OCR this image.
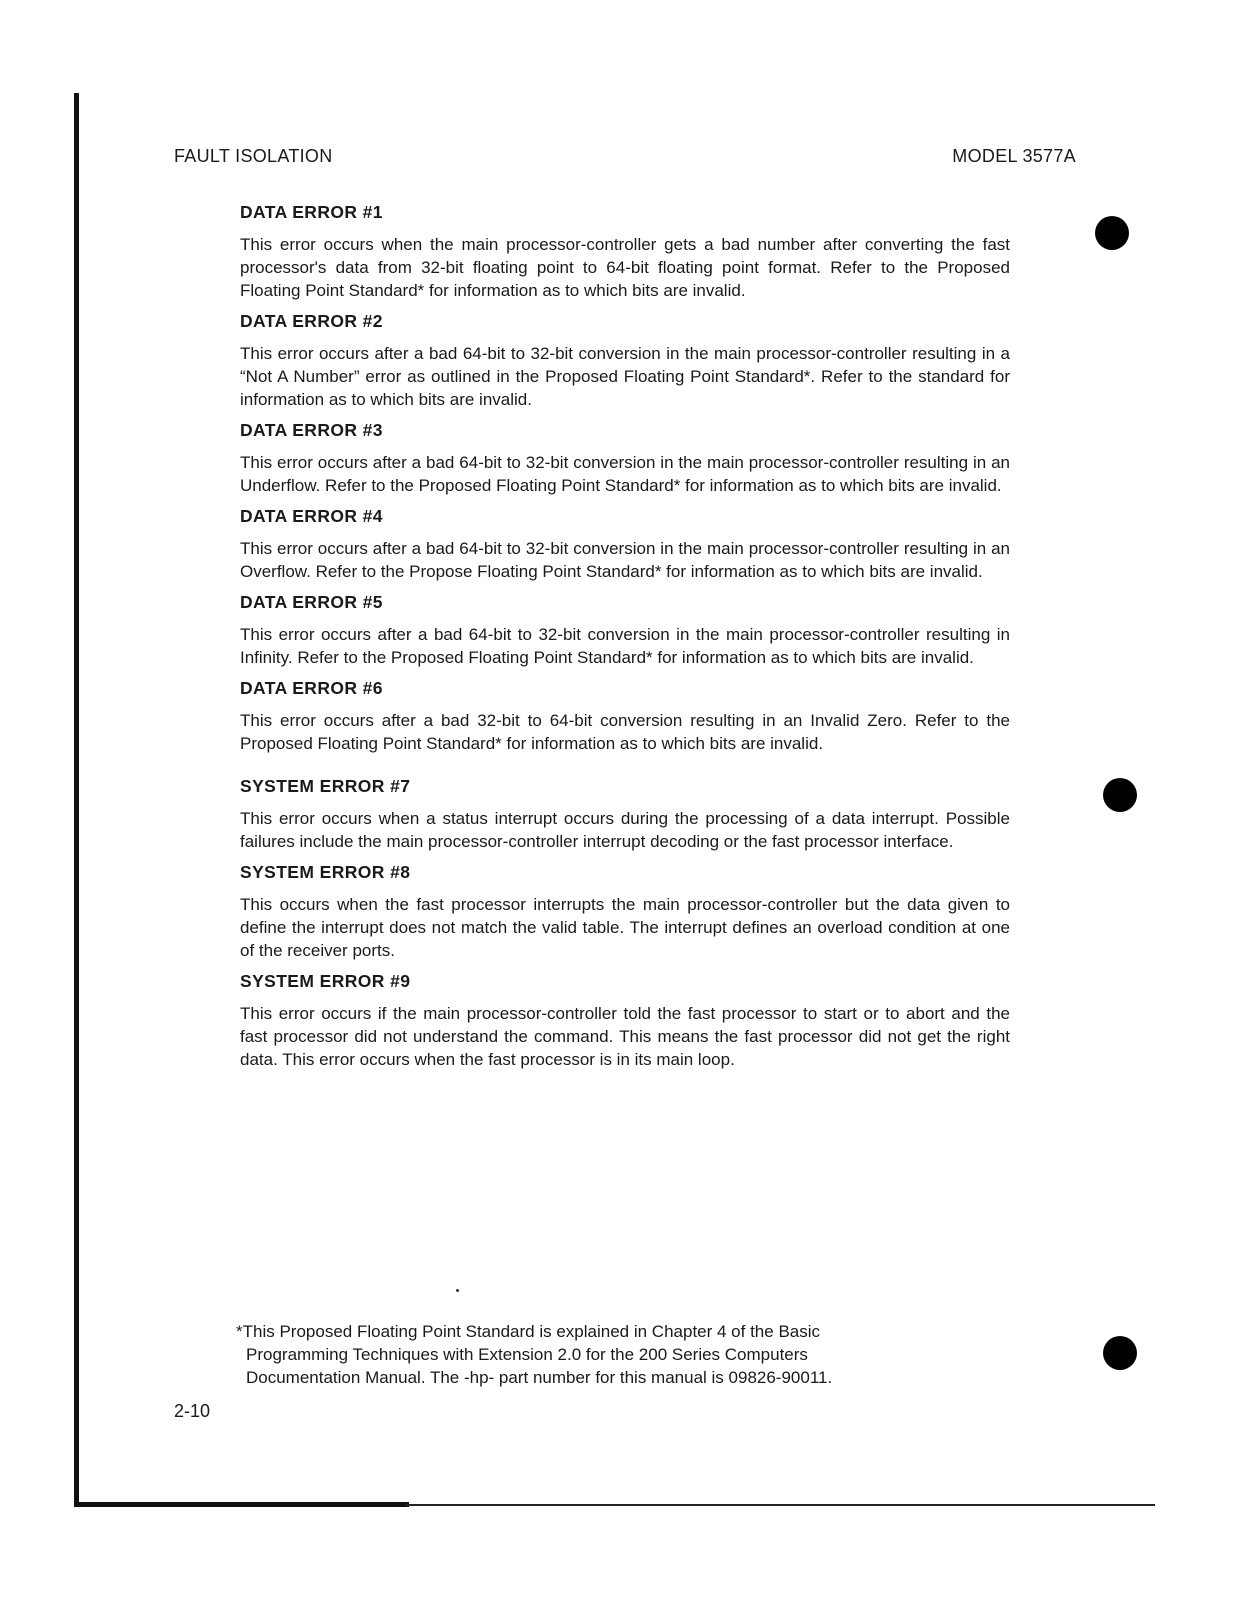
FAULT ISOLATION	MODEL 3577A
DATA ERROR #1

This error occurs when the main processor-controller gets a bad number after converting the fast processor's data from 32-bit floating point to 64-bit floating point format. Refer to the Proposed Floating Point Standard* for information as to which bits are invalid.

DATA ERROR #2

This error occurs after a bad 64-bit to 32-bit conversion in the main processor-controller resulting in a “Not A Number” error as outlined in the Proposed Floating Point Standard*. Refer to the standard for information as to which bits are invalid.

DATA ERROR #3

This error occurs after a bad 64-bit to 32-bit conversion in the main processor-controller resulting in an Underflow. Refer to the Proposed Floating Point Standard* for information as to which bits are invalid.

DATA ERROR #4

This error occurs after a bad 64-bit to 32-bit conversion in the main processor-controller resulting in an Overflow. Refer to the Propose Floating Point Standard* for information as to which bits are invalid.

DATA ERROR #5

This error occurs after a bad 64-bit to 32-bit conversion in the main processor-controller resulting in Infinity. Refer to the Proposed Floating Point Standard* for information as to which bits are invalid.

DATA ERROR #6

This error occurs after a bad 32-bit to 64-bit conversion resulting in an Invalid Zero. Refer to the Proposed Floating Point Standard* for information as to which bits are invalid.

SYSTEM ERROR #7

This error occurs when a status interrupt occurs during the processing of a data interrupt. Possible failures include the main processor-controller interrupt decoding or the fast processor interface.

SYSTEM ERROR #8

This occurs when the fast processor interrupts the main processor-controller but the data given to define the interrupt does not match the valid table. The interrupt defines an overload condition at one of the receiver ports.

SYSTEM ERROR #9

This error occurs if the main processor-controller told the fast processor to start or to abort and the fast processor did not understand the command. This means the fast processor did not get the right data. This error occurs when the fast processor is in its main loop.

*This Proposed Floating Point Standard is explained in Chapter 4 of the Basic
Programming Techniques with Extension 2.0 for the 200 Series Computers
Documentation Manual. The -hp- part number for this manual is 09826-90011.
2-10
